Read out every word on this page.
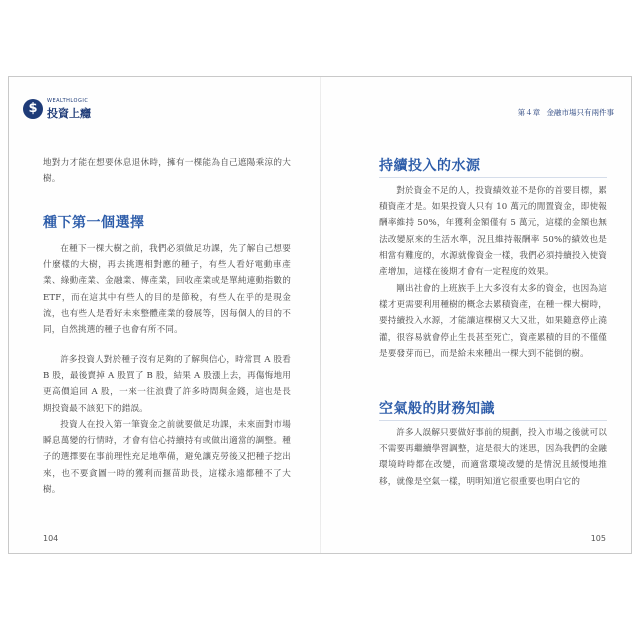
$	WEALTHLOGIC
投資上癮
地對力才能在想要休息退休時，擁有一棵能為自己遮陽乘涼的大樹。
種下第一個選擇
在種下一棵大樹之前，我們必須做足功課，先了解自己想要什麼樣的大樹，再去挑選相對應的種子，有些人看好電動車產業、綠動產業、金融業、傳產業，回收產業或是單純連動指數的 ETF，而在這其中有些人的目的是節稅，有些人在乎的是現金流，也有些人是看好未來整體產業的發展等，因每個人的目的不同，自然挑選的種子也會有所不同。
許多投資人對於種子沒有足夠的了解與信心，時常買 A 股看 B 股，最後賣掉 A 股買了 B 股，結果 A 股漲上去，再傷悔地用更高價追回 A 股，一來一往浪費了許多時間與金錢，這也是長期投資最不該犯下的錯誤。
投資人在投入第一筆資金之前就要做足功課，未來面對市場瞬息萬變的行情時，才會有信心持續持有或做出適當的調整。種子的選擇要在事前理性充足地準備，避免讓克勞後又把種子挖出來，也不要貪圖一時的獲利而揠苗助長，這樣永遠都種不了大樹。
104
第４章 金融市場只有兩件事
持續投入的水源
對於資金不足的人，投資績效並不是你的首要目標，累積資產才是。如果投資人只有 10 萬元的閒置資金，即使報酬率維持 50%，年獲利金額僅有 5 萬元，這樣的金額也無法改變原來的生活水準，況且維持報酬率 50%的績效也是相當有難度的，水源就像資金一樣，我們必須持續投入使資產增加，這樣在後期才會有一定程度的效果。
剛出社會的上班族手上大多沒有太多的資金，也因為這樣才更需要利用種樹的概念去累積資產，在種一棵大樹時，要持續投入水源，才能讓這棵樹又大又壯，如果隨意停止澆灌，很容易就會停止生長甚至死亡，資產累積的目的不僅僅是要發芽而已，而是給未來種出一棵大到不能倒的樹。
空氣般的財務知識
許多人誤解只要做好事前的規劃，投入市場之後就可以不需要再繼續學習調整，這是很大的迷思，因為我們的金融環境時時都在改變，而適當環境改變的是情況且緩慢地推移，就像是空氣一樣，明明知道它很重要也明白它的
105
